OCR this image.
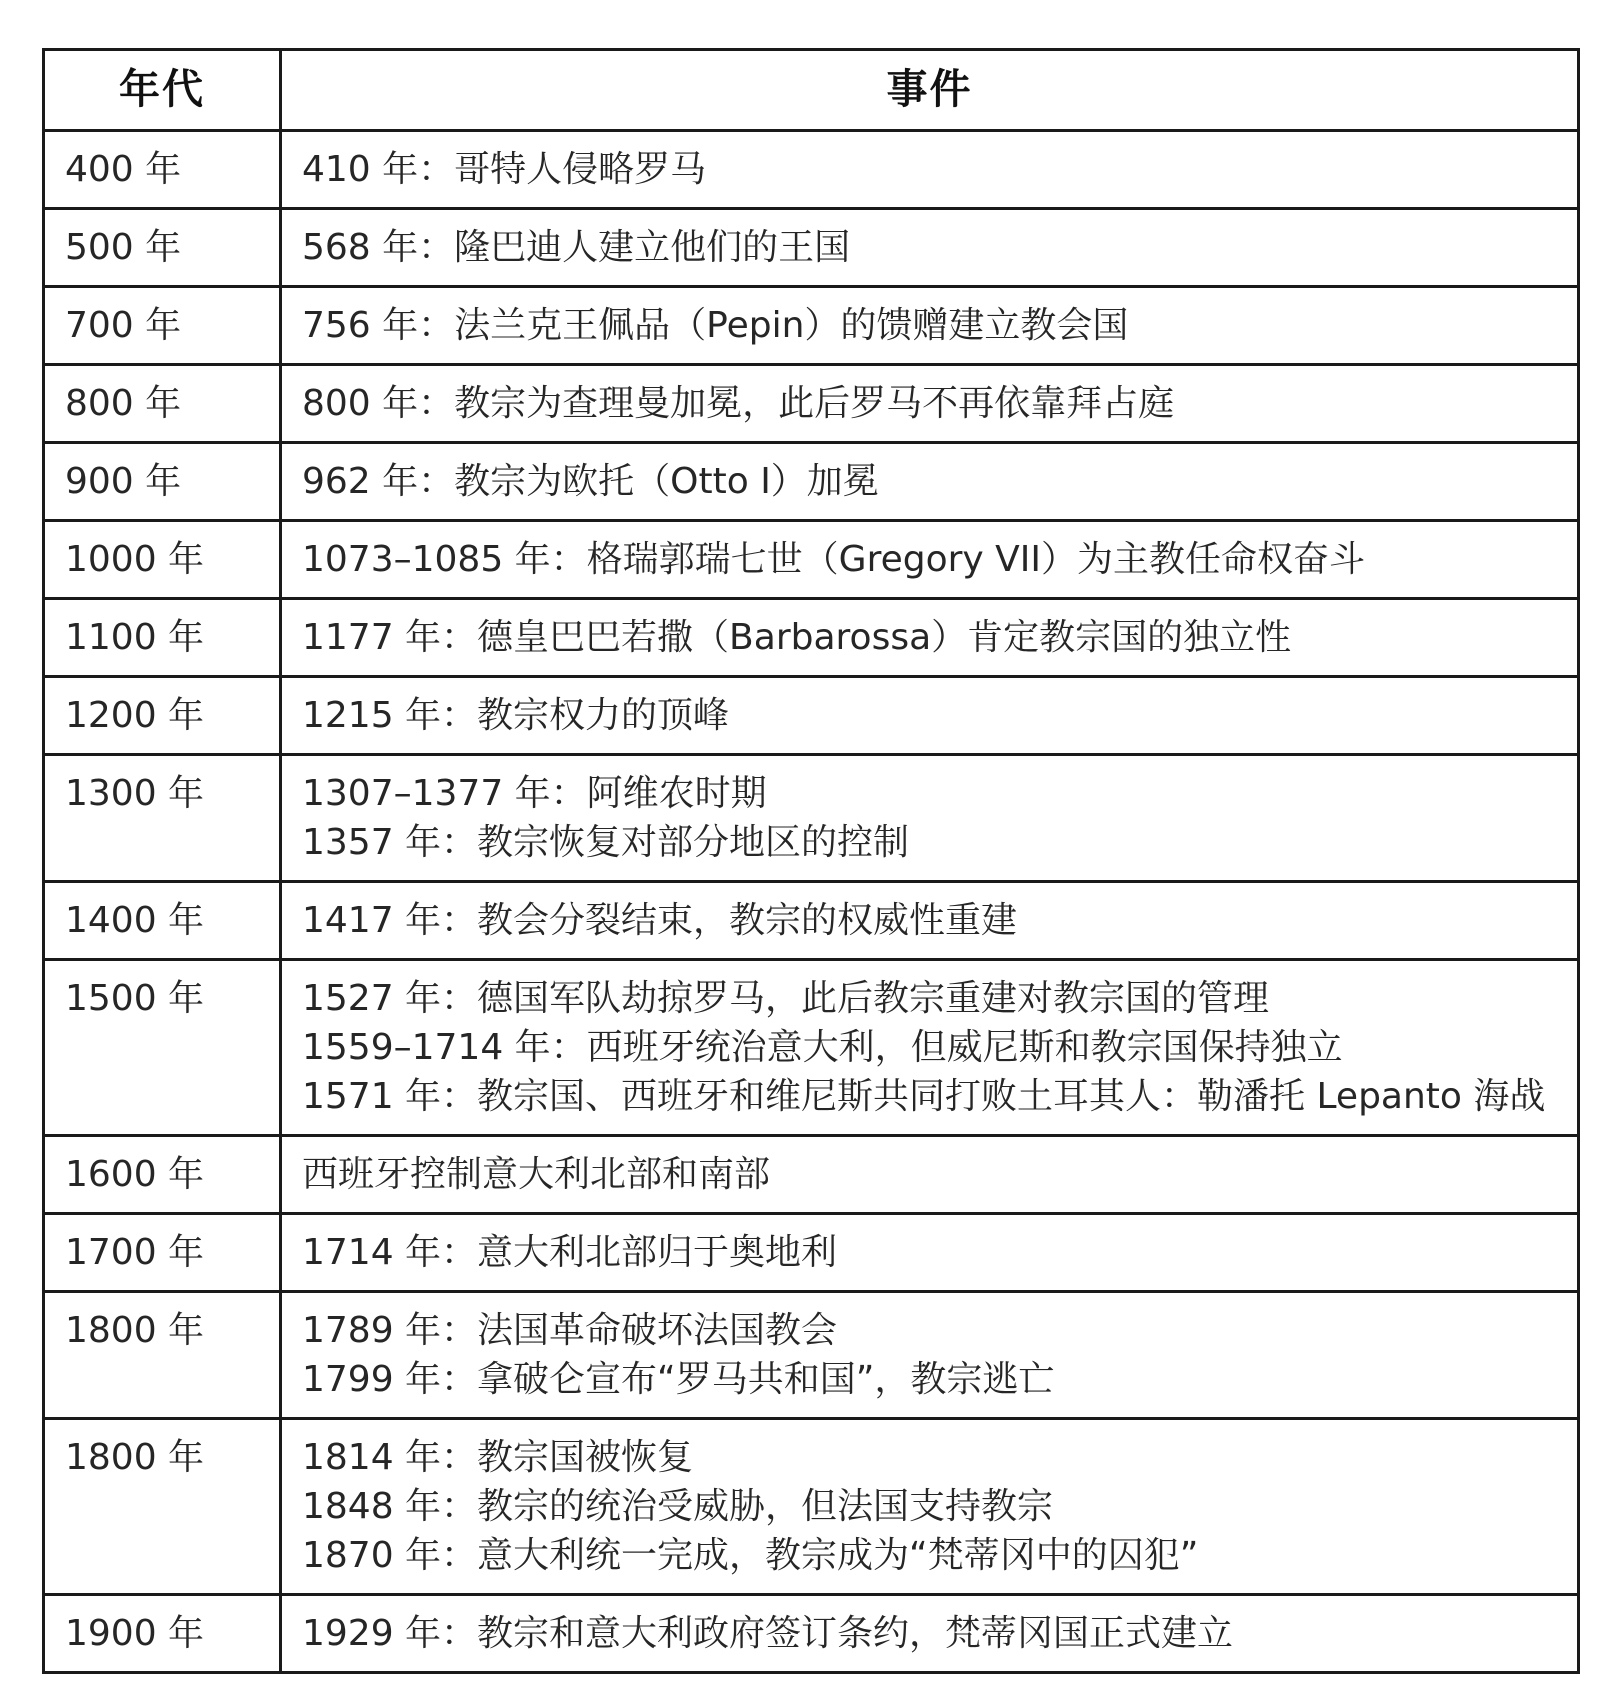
年代	事件
400 年	410 年：哥特人侵略罗马

500 年	568 年：隆巴迪人建立他们的王国

700 年	756 年：法兰克王佩品（Pepin）的馈赠建立教会国

800 年	800 年：教宗为查理曼加冕，此后罗马不再依靠拜占庭

900 年	962 年：教宗为欧托（Otto I）加冕

1000 年	1073–1085 年：格瑞郭瑞七世（Gregory VII）为主教任命权奋斗

1100 年	1177 年：德皇巴巴若撒（Barbarossa）肯定教宗国的独立性

1200 年	1215 年：教宗权力的顶峰

1300 年	1307–1377 年：阿维农时期
1357 年：教宗恢复对部分地区的控制

1400 年	1417 年：教会分裂结束，教宗的权威性重建

1500 年	1527 年：德国军队劫掠罗马，此后教宗重建对教宗国的管理
1559–1714 年：西班牙统治意大利，但威尼斯和教宗国保持独立
1571 年：教宗国、西班牙和维尼斯共同打败土耳其人：勒潘托 Lepanto 海战

1600 年	西班牙控制意大利北部和南部

1700 年	1714 年：意大利北部归于奥地利

1800 年	1789 年：法国革命破坏法国教会
1799 年：拿破仑宣布“罗马共和国”，教宗逃亡

1800 年	1814 年：教宗国被恢复
1848 年：教宗的统治受威胁，但法国支持教宗
1870 年：意大利统一完成，教宗成为“梵蒂冈中的囚犯”

1900 年	1929 年：教宗和意大利政府签订条约，梵蒂冈国正式建立
